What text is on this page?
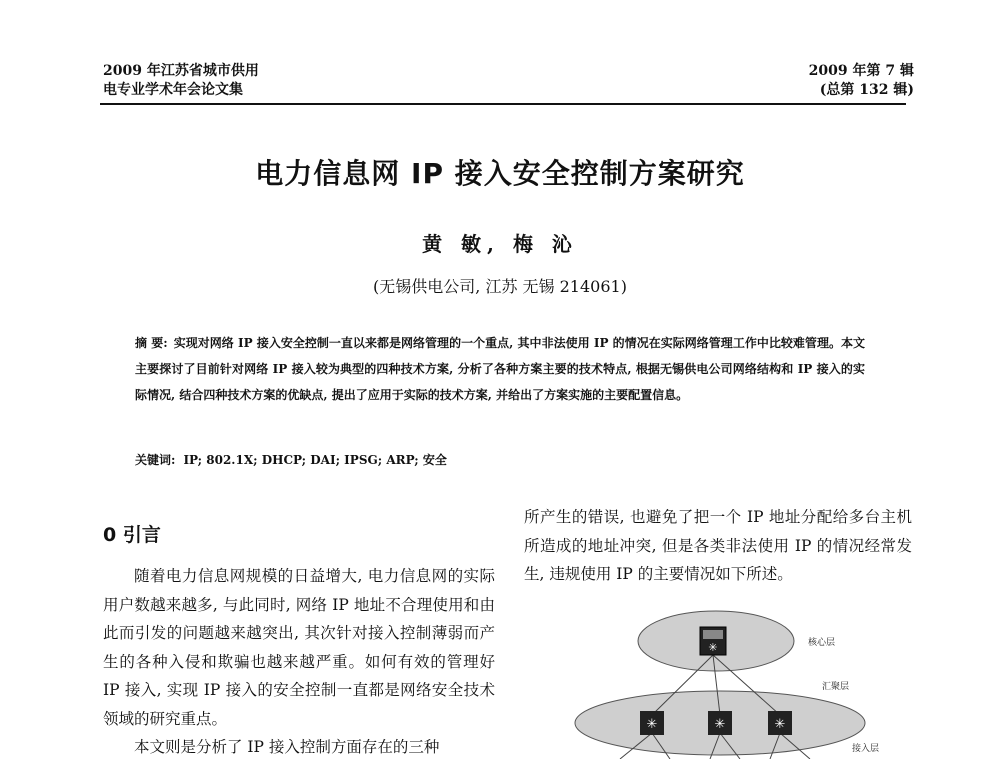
2009 年江苏省城市供用
电专业学术年会论文集
2009 年第 7 辑
(总第 132 辑)
电力信息网 IP 接入安全控制方案研究
黄 敏, 梅 沁
(无锡供电公司, 江苏 无锡 214061)
摘 要: 实现对网络 IP 接入安全控制一直以来都是网络管理的一个重点, 其中非法使用 IP 的情况在实际网络管理工作中比较难管理。本文主要探讨了目前针对网络 IP 接入较为典型的四种技术方案, 分析了各种方案主要的技术特点, 根据无锡供电公司网络结构和 IP 接入的实际情况, 结合四种技术方案的优缺点, 提出了应用于实际的技术方案, 并给出了方案实施的主要配置信息。
关键词: IP; 802.1X; DHCP; DAI; IPSG; ARP; 安全
0 引言

随着电力信息网规模的日益增大, 电力信息网的实际用户数越来越多, 与此同时, 网络 IP 地址不合理使用和由此而引发的问题越来越突出, 其次针对接入控制薄弱而产生的各种入侵和欺骗也越来越严重。如何有效的管理好 IP 接入, 实现 IP 接入的安全控制一直都是网络安全技术领域的研究重点。

本文则是分析了 IP 接入控制方面存在的三种

所产生的错误, 也避免了把一个 IP 地址分配给多台主机所造成的地址冲突, 但是各类非法使用 IP 的情况经常发生, 违规使用 IP 的主要情况如下所述。

✳
✳	✳	✳
核心层
汇聚层
接入层
